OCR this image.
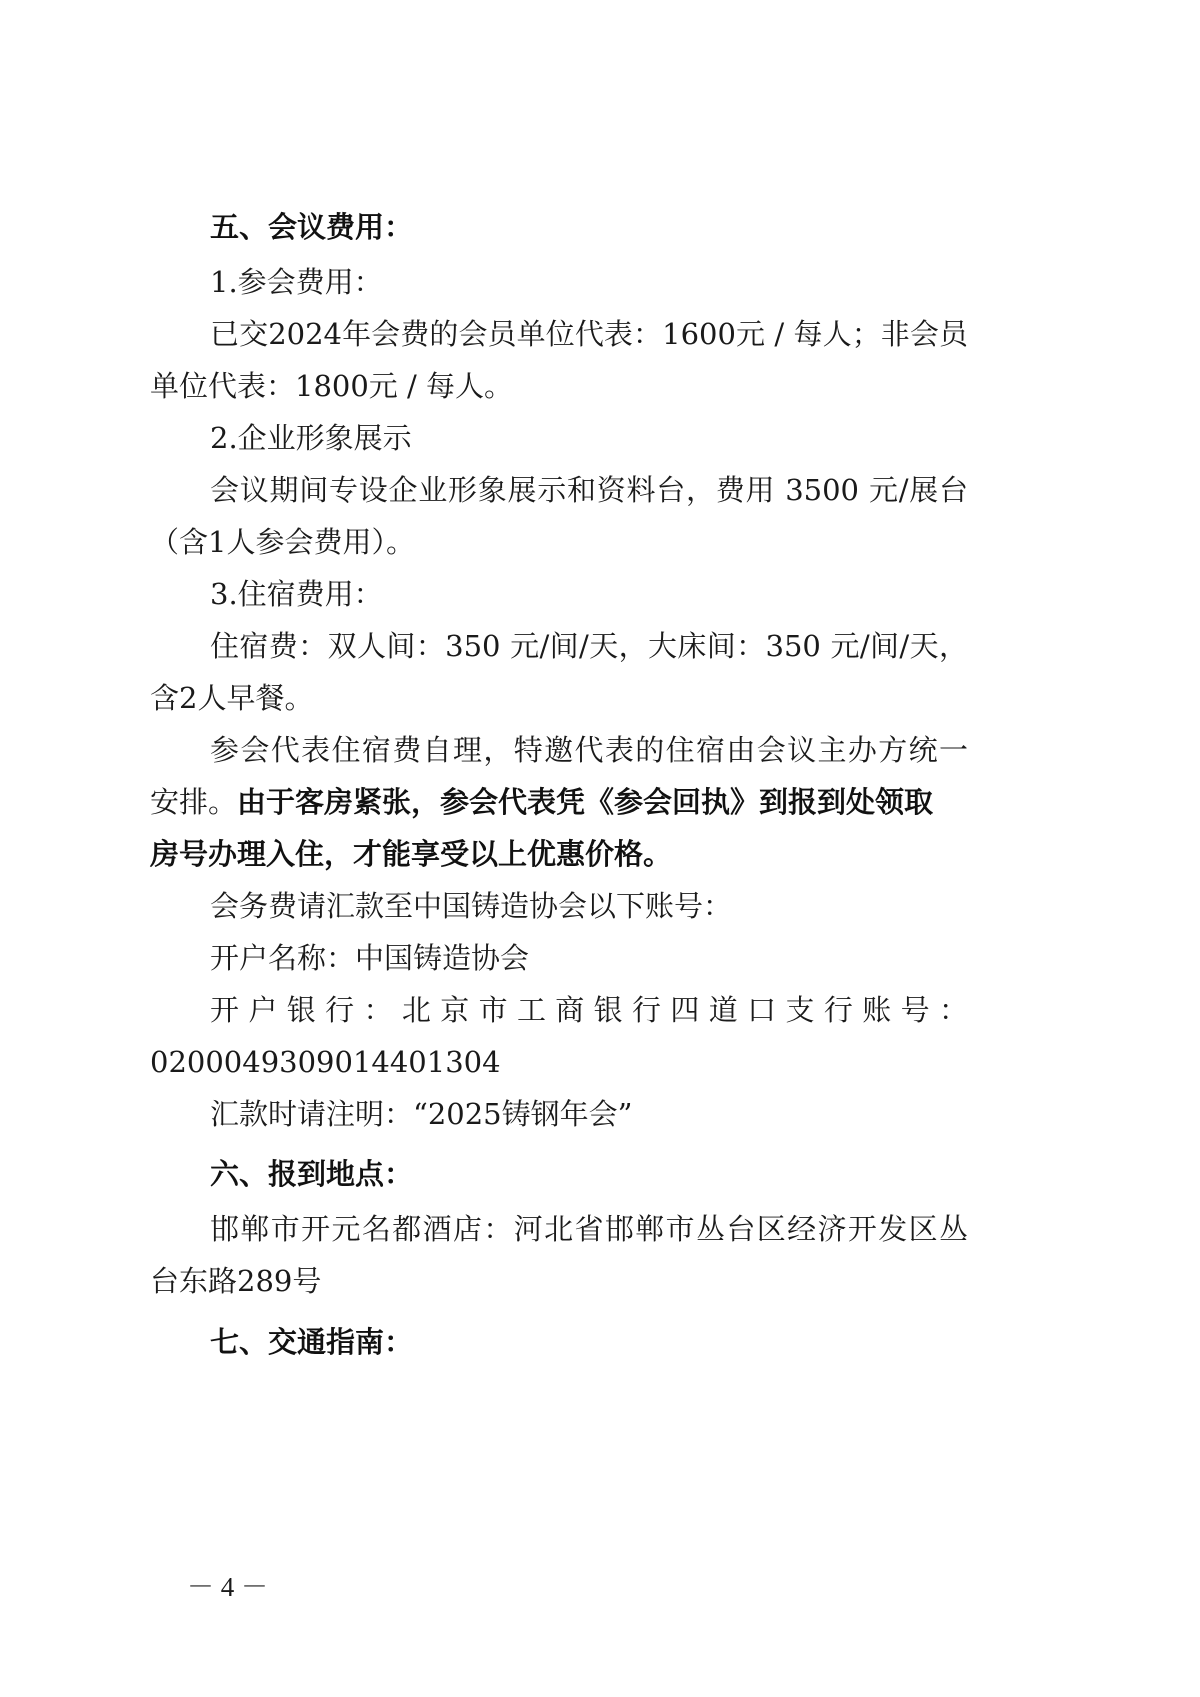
五、会议费用：

1.参会费用：

已交2024年会费的会员单位代表：1600元 / 每人；非会员

单位代表：1800元 / 每人。

2.企业形象展示

会议期间专设企业形象展示和资料台，费用 3500 元/展台

（含1人参会费用）。

3.住宿费用：

住宿费：双人间：350 元/间/天，大床间：350 元/间/天，

含2人早餐。

参会代表住宿费自理，特邀代表的住宿由会议主办方统一

安排。由于客房紧张，参会代表凭《参会回执》到报到处领取

房号办理入住，才能享受以上优惠价格。

会务费请汇款至中国铸造协会以下账号：

开户名称：中国铸造协会

开户银行：北京市工商银行四道口支行账号：

0200049309014401304

汇款时请注明：“2025铸钢年会”

六、报到地点：

邯郸市开元名都酒店：河北省邯郸市丛台区经济开发区丛

台东路289号

七、交通指南：

－ 4 －
